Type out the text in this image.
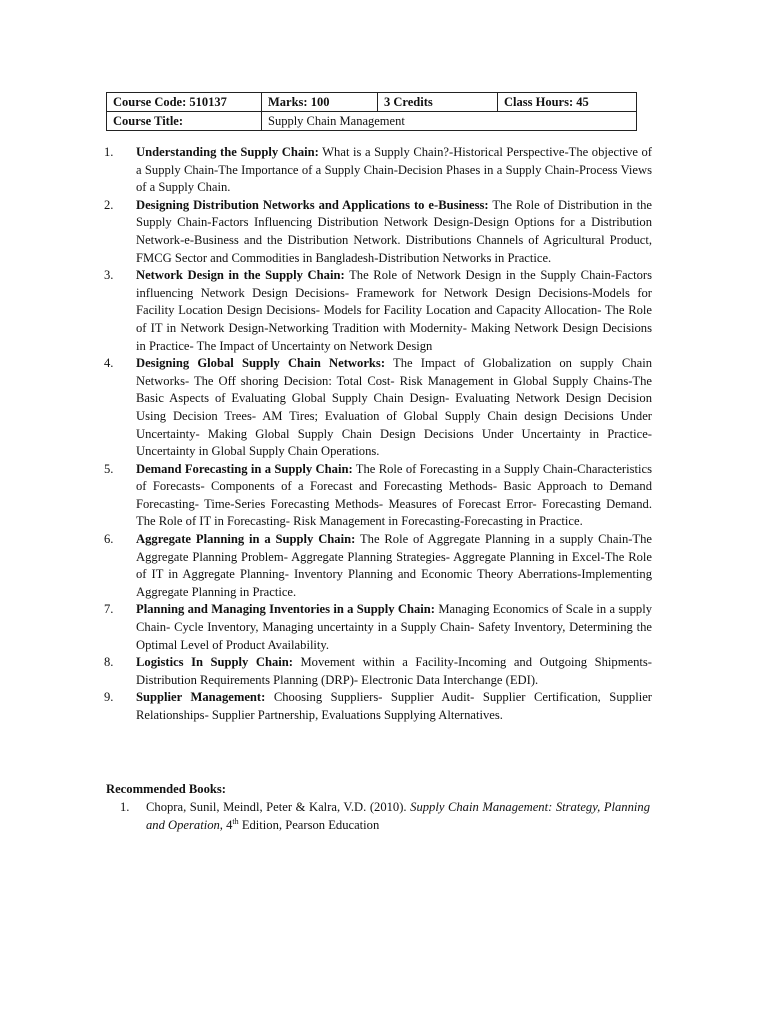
Course Code: 510137	Marks: 100	3 Credits	Class Hours: 45
Course Title:	Supply Chain Management		
1.	Understanding the Supply Chain: What is a Supply Chain?-Historical Perspective-The objective of a Supply Chain-The Importance of a Supply Chain-Decision Phases in a Supply Chain-Process Views of a Supply Chain.
2.	Designing Distribution Networks and Applications to e-Business: The Role of Distribution in the Supply Chain-Factors Influencing Distribution Network Design-Design Options for a Distribution Network-e-Business and the Distribution Network. Distributions Channels of Agricultural Product, FMCG Sector and Commodities in Bangladesh-Distribution Networks in Practice.
3.	Network Design in the Supply Chain: The Role of Network Design in the Supply Chain-Factors influencing Network Design Decisions- Framework for Network Design Decisions-Models for Facility Location Design Decisions- Models for Facility Location and Capacity Allocation- The Role of IT in Network Design-Networking Tradition with Modernity- Making Network Design Decisions in Practice- The Impact of Uncertainty on Network Design
4.	Designing Global Supply Chain Networks: The Impact of Globalization on supply Chain Networks- The Off shoring Decision: Total Cost- Risk Management in Global Supply Chains-The Basic Aspects of Evaluating Global Supply Chain Design- Evaluating Network Design Decision Using Decision Trees- AM Tires; Evaluation of Global Supply Chain design Decisions Under Uncertainty- Making Global Supply Chain Design Decisions Under Uncertainty in Practice- Uncertainty in Global Supply Chain Operations.
5.	Demand Forecasting in a Supply Chain: The Role of Forecasting in a Supply Chain-Characteristics of Forecasts- Components of a Forecast and Forecasting Methods- Basic Approach to Demand Forecasting- Time-Series Forecasting Methods- Measures of Forecast Error- Forecasting Demand. The Role of IT in Forecasting- Risk Management in Forecasting-Forecasting in Practice.
6.	Aggregate Planning in a Supply Chain: The Role of Aggregate Planning in a supply Chain-The Aggregate Planning Problem- Aggregate Planning Strategies- Aggregate Planning in Excel-The Role of IT in Aggregate Planning- Inventory Planning and Economic Theory Aberrations-Implementing Aggregate Planning in Practice.
7.	Planning and Managing Inventories in a Supply Chain: Managing Economics of Scale in a supply Chain- Cycle Inventory, Managing uncertainty in a Supply Chain- Safety Inventory, Determining the Optimal Level of Product Availability.
8.	Logistics In Supply Chain: Movement within a Facility-Incoming and Outgoing Shipments-Distribution Requirements Planning (DRP)- Electronic Data Interchange (EDI).
9.	Supplier Management: Choosing Suppliers- Supplier Audit- Supplier Certification, Supplier Relationships- Supplier Partnership, Evaluations Supplying Alternatives.
Recommended Books:
1.	Chopra, Sunil, Meindl, Peter & Kalra, V.D. (2010). Supply Chain Management: Strategy, Planning and Operation, 4th Edition, Pearson Education
